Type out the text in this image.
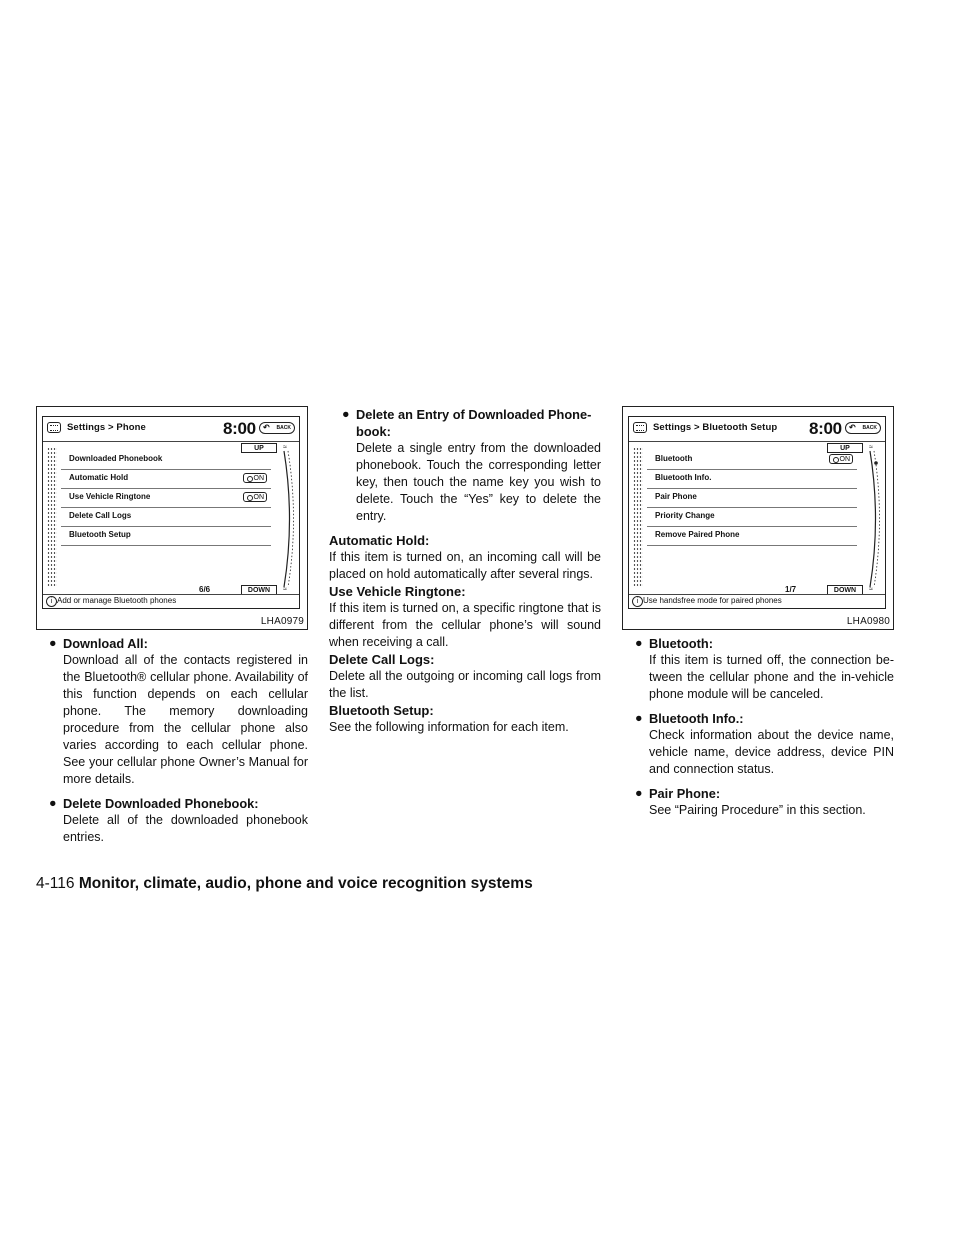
Settings > Phone	8:00 ↶ BACK
UP	≈
Downloaded Phonebook
Automatic Hold	ON
Use Vehicle Ringtone	ON
Delete Call Logs
Bluetooth Setup
6/6	DOWN	≈
i Add or manage Bluetooth phones
LHA0979
Settings > Bluetooth Setup 8:00 ↶ BACK
UP	≈
Bluetooth	ON
Bluetooth Info.
Pair Phone
Priority Change
Remove Paired Phone
1/7	DOWN	≈
i Use handsfree mode for paired phones
LHA0980
● Download All:

Download all of the contacts registered in the Bluetooth® cellular phone. Availability of this function depends on each cellular phone. The memory downloading procedure from the cellular phone also varies according to each cellular phone. See your cellular phone Owner’s Manual for more details.

● Delete Downloaded Phonebook:

Delete all of the downloaded phonebook entries.

● Delete an Entry of Downloaded Phone-book:

Delete a single entry from the downloaded phonebook. Touch the corresponding letter key, then touch the name key you wish to delete. Touch the “Yes” key to delete the entry.

Automatic Hold:

If this item is turned on, an incoming call will be placed on hold automatically after several rings.

Use Vehicle Ringtone:

If this item is turned on, a specific ringtone that is different from the cellular phone’s will sound when receiving a call.

Delete Call Logs:

Delete all the outgoing or incoming call logs from the list.

Bluetooth Setup:

See the following information for each item.

● Bluetooth:

If this item is turned off, the connection be-tween the cellular phone and the in-vehicle phone module will be canceled.

● Bluetooth Info.:

Check information about the device name, vehicle name, device address, device PIN and connection status.

● Pair Phone:

See “Pairing Procedure” in this section.

4-116 Monitor, climate, audio, phone and voice recognition systems
